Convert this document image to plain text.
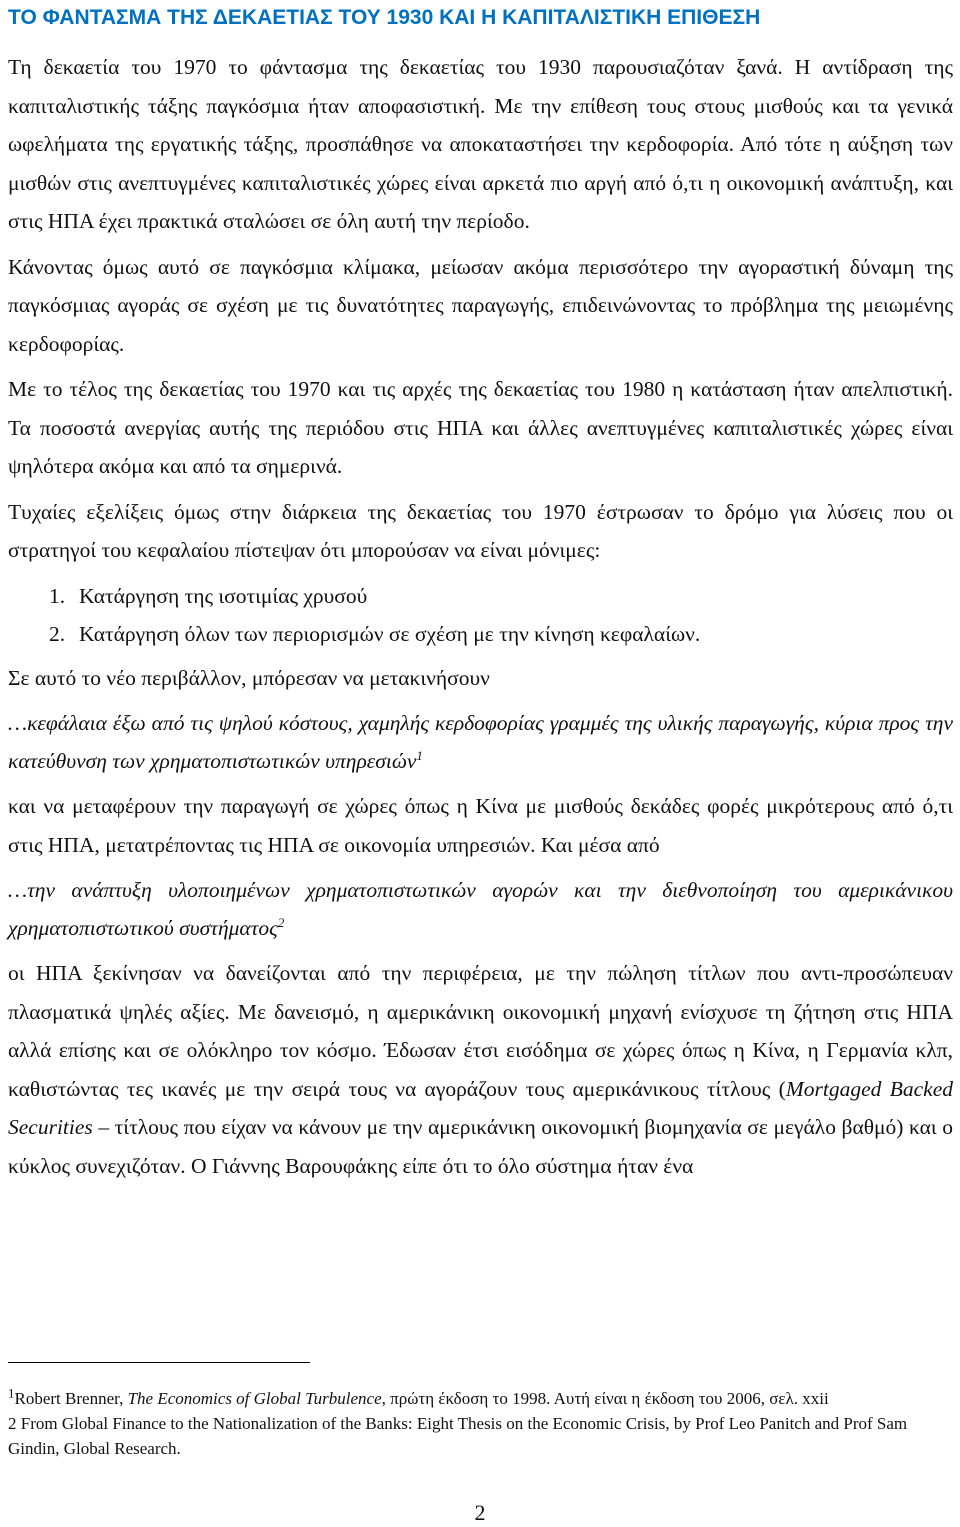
ΤΟ ΦΑΝΤΑΣΜΑ ΤΗΣ ΔΕΚΑΕΤΙΑΣ ΤΟΥ 1930 ΚΑΙ Η ΚΑΠΙΤΑΛΙΣΤΙΚΗ ΕΠΙΘΕΣΗ

Τη δεκαετία του 1970 το φάντασμα της δεκαετίας του 1930 παρουσιαζόταν ξανά. Η αντίδραση της καπιταλιστικής τάξης παγκόσμια ήταν αποφασιστική. Με την επίθεση τους στους μισθούς και τα γενικά ωφελήματα της εργατικής τάξης, προσπάθησε να αποκαταστήσει την κερδοφορία. Από τότε η αύξηση των μισθών στις ανεπτυγμένες καπιταλιστικές χώρες είναι αρκετά πιο αργή από ό,τι η οικονομική ανάπτυξη, και στις ΗΠΑ έχει πρακτικά σταλώσει σε όλη αυτή την περίοδο.

Κάνοντας όμως αυτό σε παγκόσμια κλίμακα, μείωσαν ακόμα περισσότερο την αγοραστική δύναμη της παγκόσμιας αγοράς σε σχέση με τις δυνατότητες παραγωγής, επιδεινώνοντας το πρόβλημα της μειωμένης κερδοφορίας.

Με το τέλος της δεκαετίας του 1970 και τις αρχές της δεκαετίας του 1980 η κατάσταση ήταν απελπιστική. Τα ποσοστά ανεργίας αυτής της περιόδου στις ΗΠΑ και άλλες ανεπτυγμένες καπιταλιστικές χώρες είναι ψηλότερα ακόμα και από τα σημερινά.

Τυχαίες εξελίξεις όμως στην διάρκεια της δεκαετίας του 1970 έστρωσαν το δρόμο για λύσεις που οι στρατηγοί του κεφαλαίου πίστεψαν ότι μπορούσαν να είναι μόνιμες:

1. Κατάργηση της ισοτιμίας χρυσού
2. Κατάργηση όλων των περιορισμών σε σχέση με την κίνηση κεφαλαίων.

Σε αυτό το νέο περιβάλλον, μπόρεσαν να μετακινήσουν

…κεφάλαια έξω από τις ψηλού κόστους, χαμηλής κερδοφορίας γραμμές της υλικής παραγωγής, κύρια προς την κατεύθυνση των χρηματοπιστωτικών υπηρεσιών$^1$

και να μεταφέρουν την παραγωγή σε χώρες όπως η Κίνα με μισθούς δεκάδες φορές μικρότερους από ό,τι στις ΗΠΑ, μετατρέποντας τις ΗΠΑ σε οικονομία υπηρεσιών. Και μέσα από

…την ανάπτυξη υλοποιημένων χρηματοπιστωτικών αγορών και την διεθνοποίηση του αμερικάνικου χρηματοπιστωτικού συστήματος$^2$

οι ΗΠΑ ξεκίνησαν να δανείζονται από την περιφέρεια, με την πώληση τίτλων που αντι-προσώπευαν πλασματικά ψηλές αξίες. Με δανεισμό, η αμερικάνικη οικονομική μηχανή ενίσχυσε τη ζήτηση στις ΗΠΑ αλλά επίσης και σε ολόκληρο τον κόσμο. Έδωσαν έτσι εισόδημα σε χώρες όπως η Κίνα, η Γερμανία κλπ, καθιστώντας τες ικανές με την σειρά τους να αγοράζουν τους αμερικάνικους τίτλους (Mortgaged Backed Securities – τίτλους που είχαν να κάνουν με την αμερικάνικη οικονομική βιομηχανία σε μεγάλο βαθμό) και ο κύκλος συνεχιζόταν. Ο Γιάννης Βαρουφάκης είπε ότι το όλο σύστημα ήταν ένα

$^1$Robert Brenner, The Economics of Global Turbulence, πρώτη έκδοση το 1998. Αυτή είναι η έκδοση του 2006, σελ. xxii

2 From Global Finance to the Nationalization of the Banks: Eight Thesis on the Economic Crisis, by Prof Leo Panitch and Prof Sam Gindin, Global Research.

2
